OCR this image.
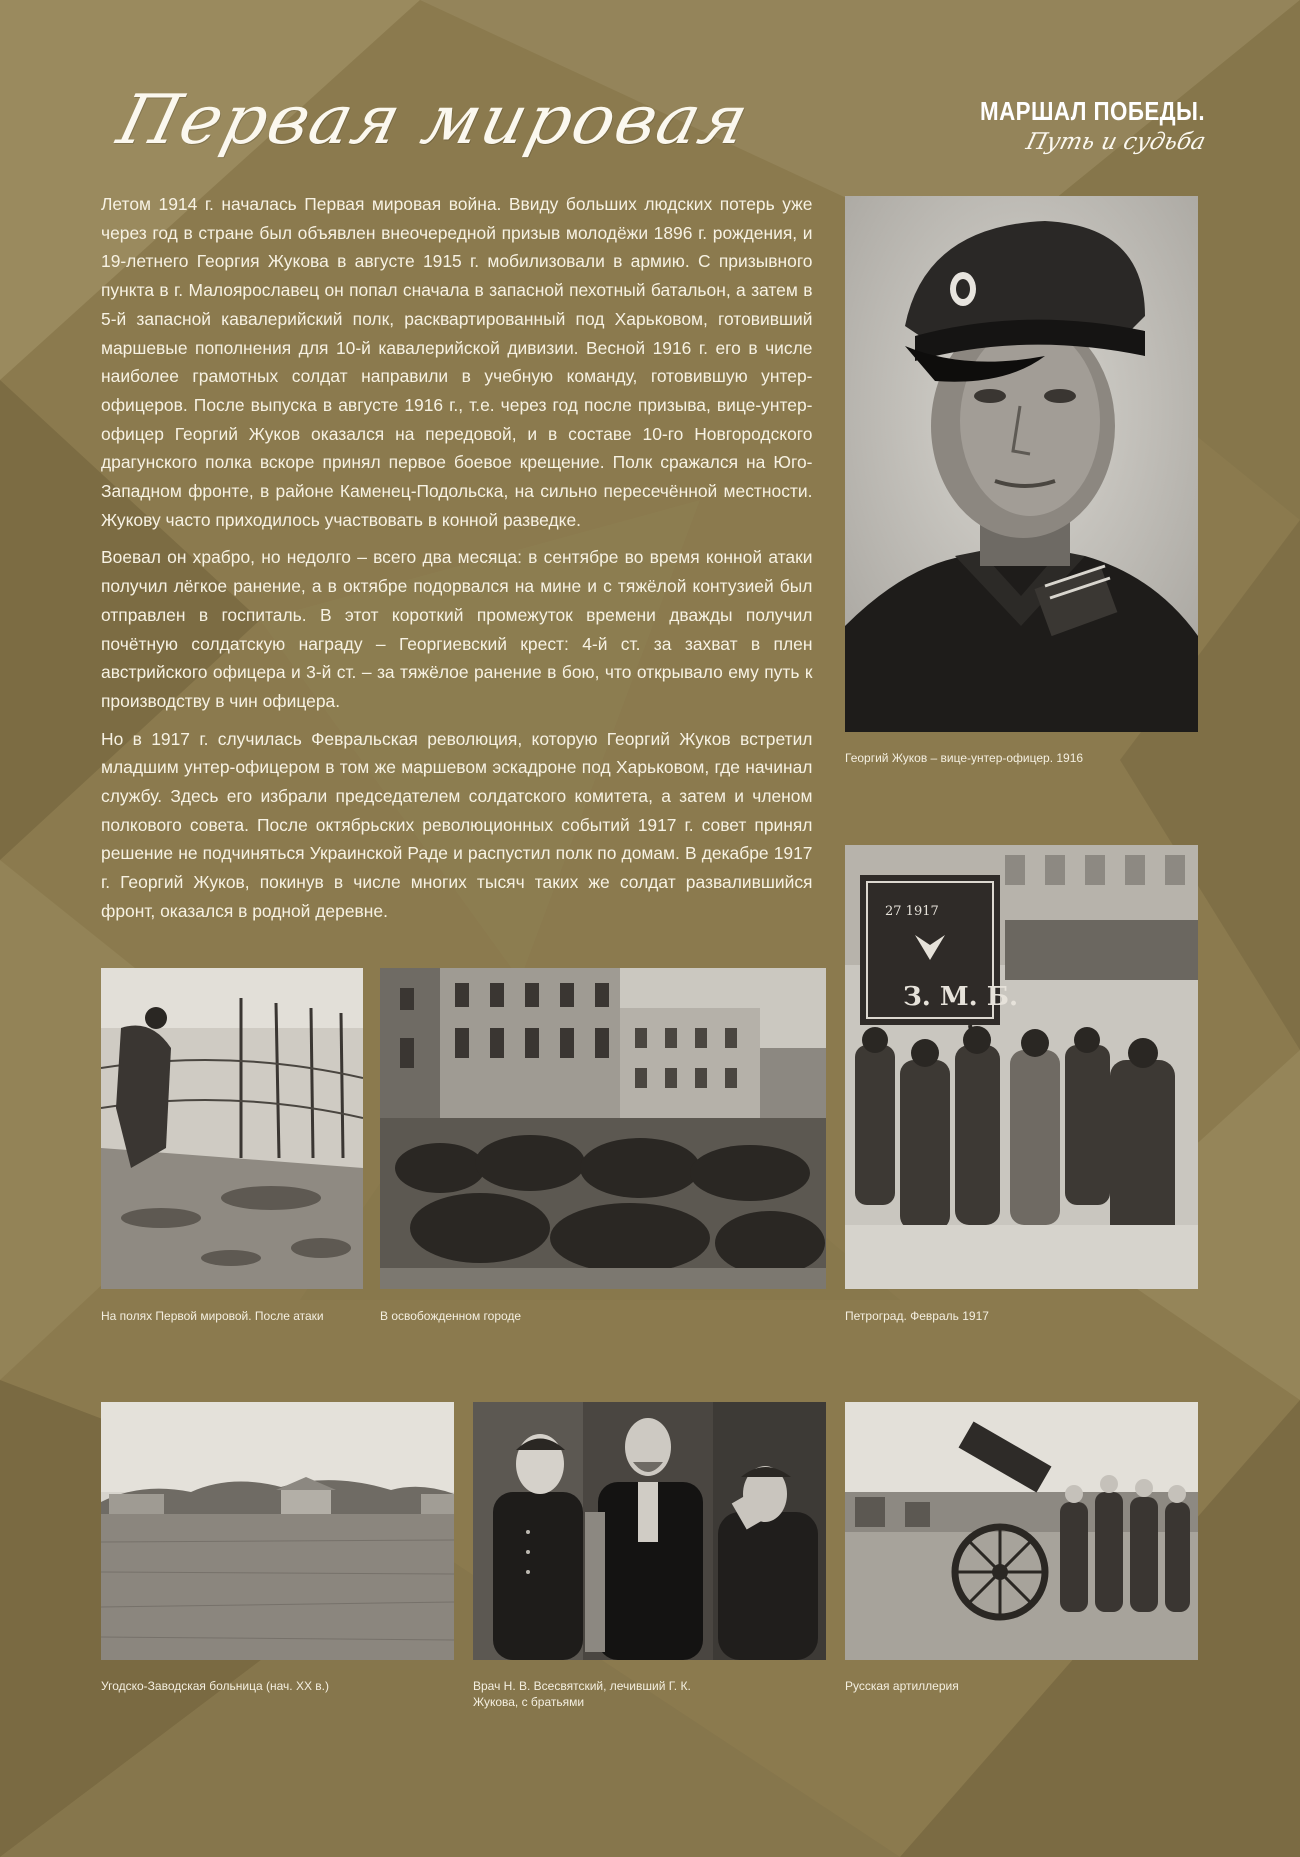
Первая мировая	МАРШАЛ ПОБЕДЫ.
Путь и судьба

Летом 1914 г. началась Первая мировая война. Ввиду больших людских потерь уже через год в стране был объявлен внеочередной призыв молодёжи 1896 г. рождения, и 19-летнего Георгия Жукова в августе 1915 г. мобилизовали в армию. С призывного пункта в г. Малоярославец он попал сначала в запасной пехотный батальон, а затем в 5-й запасной кавалерийский полк, расквартированный под Харьковом, готовивший маршевые пополнения для 10-й кавалерийской дивизии. Весной 1916 г. его в числе наиболее грамотных солдат направили в учебную команду, готовившую унтер-офицеров. После выпуска в августе 1916 г., т.е. через год после призыва, вице-унтер-офицер Георгий Жуков оказался на передовой, и в составе 10-го Новгородского драгунского полка вскоре принял первое боевое крещение. Полк сражался на Юго-Западном фронте, в районе Каменец-Подольска, на сильно пересечённой местности. Жукову часто приходилось участвовать в конной разведке.

Воевал он храбро, но недолго – всего два месяца: в сентябре во время конной атаки получил лёгкое ранение, а в октябре подорвался на мине и с тяжёлой контузией был отправлен в госпиталь. В этот короткий промежуток времени дважды получил почётную солдатскую награду – Георгиевский крест: 4-й ст. за захват в плен австрийского офицера и 3-й ст. – за тяжёлое ранение в бою, что открывало ему путь к производству в чин офицера.

Но в 1917 г. случилась Февральская революция, которую Георгий Жуков встретил младшим унтер-офицером в том же маршевом эскадроне под Харьковом, где начинал службу. Здесь его избрали председателем солдатского комитета, а затем и членом полкового совета. После октябрьских революционных событий 1917 г. совет принял решение не подчиняться Украинской Раде и распустил полк по домам. В декабре 1917 г. Георгий Жуков, покинув в числе многих тысяч таких же солдат развалившийся фронт, оказался в родной деревне.

Георгий Жуков – вице-унтер-офицер. 1916
27 1917
З. М. Б.
Петроград. Февраль 1917
На полях Первой мировой. После атаки	В освобожденном городе
Угодско-Заводская больница (нач. XX в.)	Врач Н. В. Всесвятский, лечивший Г. К. Жукова, с братьями
Русская артиллерия
